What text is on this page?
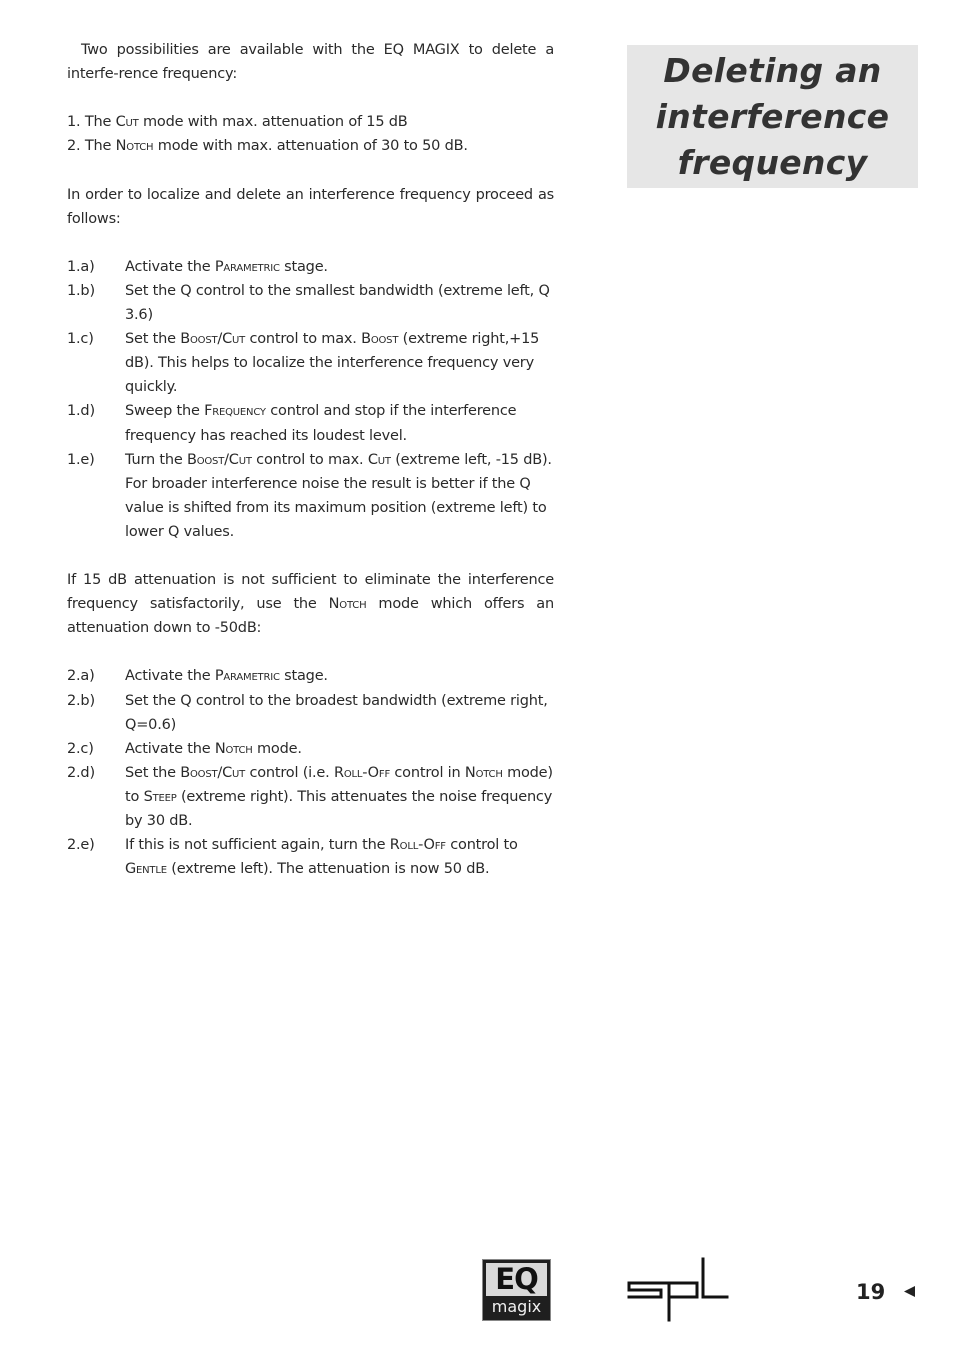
Two possibilities are available with the EQ MAGIX to delete a interfe-rence frequency:

1. The Cut mode with max. attenuation of 15 dB

2. The Notch mode with max. attenuation of 30 to 50 dB.

In order to localize and delete an interference frequency proceed as follows:

1.a) Activate the Parametric stage.
1.b) Set the Q control to the smallest bandwidth (extreme left, Q 3.6)
1.c) Set the Boost/Cut control to max. Boost (extreme right,+15 dB). This helps to localize the interference frequency very quickly.
1.d) Sweep the Frequency control and stop if the interference frequency has reached its loudest level.
1.e) Turn the Boost/Cut control to max. Cut (extreme left, -15 dB). For broader interference noise the result is better if the Q value is shifted from its maximum position (extreme left) to lower Q values.

If 15 dB attenuation is not sufficient to eliminate the interference frequency satisfactorily, use the Notch mode which offers an attenuation down to -50dB:

2.a) Activate the Parametric stage.
2.b) Set the Q control to the broadest bandwidth (extreme right, Q=0.6)
2.c) Activate the Notch mode.
2.d) Set the Boost/Cut control (i.e. Roll-Off control in Notch mode) to Steep (extreme right). This attenuates the noise frequency by 30 dB.
2.e) If this is not sufficient again, turn the Roll-Off control to Gentle (extreme left). The attenuation is now 50 dB.
Deleting an interference frequency
EQ
magix
19
